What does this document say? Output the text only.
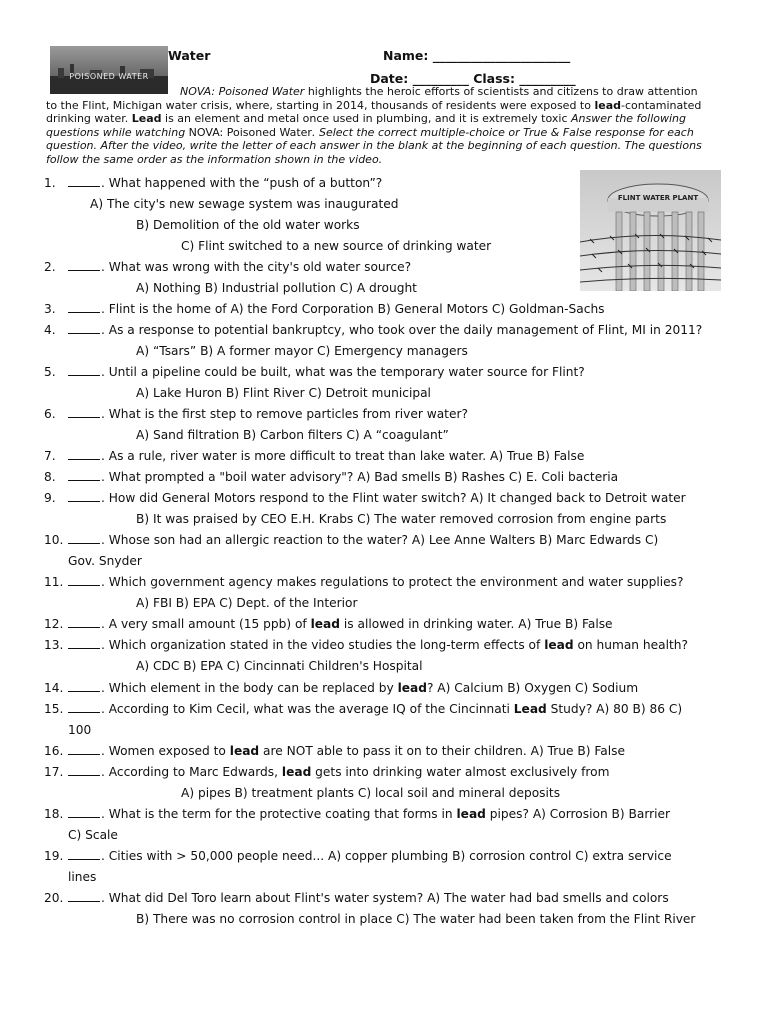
POISONED WATER
Water	Name: ______________________
Date: _________ Class: _________
NOVA: Poisoned Water highlights the heroic efforts of scientists and citizens to draw attention
to the Flint, Michigan water crisis, where, starting in 2014, thousands of residents were exposed to lead-contaminated
drinking water. Lead is an element and metal once used in plumbing, and it is extremely toxic Answer the following
questions while watching NOVA: Poisoned Water. Select the correct multiple-choice or True & False response for each
question. After the video, write the letter of each answer in the blank at the beginning of each question. The questions
follow the same order as the information shown in the video.
FLINT WATER PLANT
1.	. What happened with the “push of a button”?
A) The city's new sewage system was inaugurated
B) Demolition of the old water works
C) Flint switched to a new source of drinking water
2.	. What was wrong with the city's old water source?
A) Nothing B) Industrial pollution C) A drought
3.	. Flint is the home of A) the Ford Corporation B) General Motors C) Goldman-Sachs
4.	. As a response to potential bankruptcy, who took over the daily management of Flint, MI in 2011?
A) “Tsars” B) A former mayor C) Emergency managers
5.	. Until a pipeline could be built, what was the temporary water source for Flint?
A) Lake Huron B) Flint River C) Detroit municipal
6.	. What is the first step to remove particles from river water?
A) Sand filtration B) Carbon filters C) A “coagulant”
7.	. As a rule, river water is more difficult to treat than lake water. A) True B) False
8.	. What prompted a "boil water advisory"? A) Bad smells B) Rashes C) E. Coli bacteria
9.	. How did General Motors respond to the Flint water switch? A) It changed back to Detroit water
B) It was praised by CEO E.H. Krabs C) The water removed corrosion from engine parts
10.	. Whose son had an allergic reaction to the water? A) Lee Anne Walters B) Marc Edwards C)
Gov. Snyder
11.	. Which government agency makes regulations to protect the environment and water supplies?
A) FBI B) EPA C) Dept. of the Interior
12.	. A very small amount (15 ppb) of lead is allowed in drinking water. A) True B) False
13.	. Which organization stated in the video studies the long-term effects of lead on human health?
A) CDC B) EPA C) Cincinnati Children's Hospital
14.	. Which element in the body can be replaced by lead? A) Calcium B) Oxygen C) Sodium
15.	. According to Kim Cecil, what was the average IQ of the Cincinnati Lead Study? A) 80 B) 86 C)
100
16.	. Women exposed to lead are NOT able to pass it on to their children. A) True B) False
17.	. According to Marc Edwards, lead gets into drinking water almost exclusively from
A) pipes B) treatment plants C) local soil and mineral deposits
18.	. What is the term for the protective coating that forms in lead pipes? A) Corrosion B) Barrier
C) Scale
19.	. Cities with > 50,000 people need... A) copper plumbing B) corrosion control C) extra service
lines
20.	. What did Del Toro learn about Flint's water system? A) The water had bad smells and colors
B) There was no corrosion control in place C) The water had been taken from the Flint River
